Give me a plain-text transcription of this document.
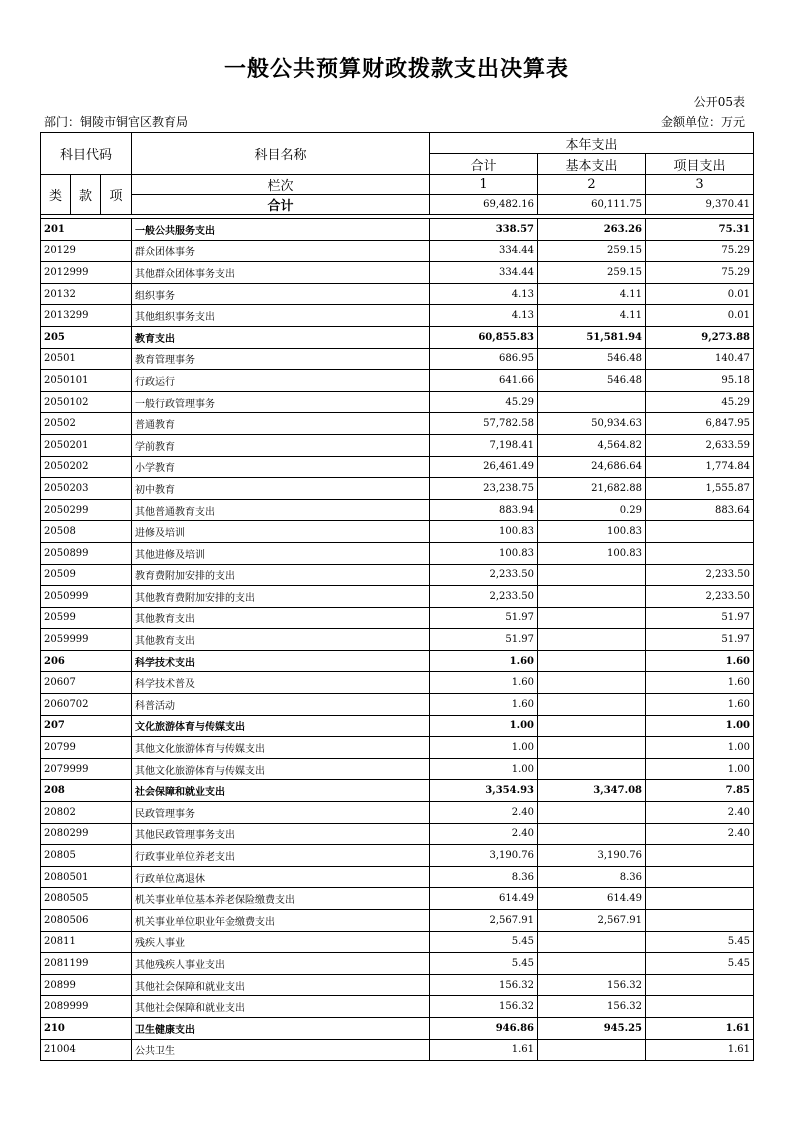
一般公共预算财政拨款支出决算表
公开05表
部门：铜陵市铜官区教育局	金额单位：万元
科目代码			科目名称	本年支出		
				合计	基本支出	项目支出
类	款	项	栏次	1	2	3
			合计	69,482.16	60,111.75	9,370.41

201			一般公共服务支出	338.57	263.26	75.31
20129			群众团体事务	334.44	259.15	75.29
2012999			其他群众团体事务支出	334.44	259.15	75.29
20132			组织事务	4.13	4.11	0.01
2013299			其他组织事务支出	4.13	4.11	0.01
205			教育支出	60,855.83	51,581.94	9,273.88
20501			教育管理事务	686.95	546.48	140.47
2050101			行政运行	641.66	546.48	95.18
2050102			一般行政管理事务	45.29		45.29
20502			普通教育	57,782.58	50,934.63	6,847.95
2050201			学前教育	7,198.41	4,564.82	2,633.59
2050202			小学教育	26,461.49	24,686.64	1,774.84
2050203			初中教育	23,238.75	21,682.88	1,555.87
2050299			其他普通教育支出	883.94	0.29	883.64
20508			进修及培训	100.83	100.83	
2050899			其他进修及培训	100.83	100.83	
20509			教育费附加安排的支出	2,233.50		2,233.50
2050999			其他教育费附加安排的支出	2,233.50		2,233.50
20599			其他教育支出	51.97		51.97
2059999			其他教育支出	51.97		51.97
206			科学技术支出	1.60		1.60
20607			科学技术普及	1.60		1.60
2060702			科普活动	1.60		1.60
207			文化旅游体育与传媒支出	1.00		1.00
20799			其他文化旅游体育与传媒支出	1.00		1.00
2079999			其他文化旅游体育与传媒支出	1.00		1.00
208			社会保障和就业支出	3,354.93	3,347.08	7.85
20802			民政管理事务	2.40		2.40
2080299			其他民政管理事务支出	2.40		2.40
20805			行政事业单位养老支出	3,190.76	3,190.76	
2080501			行政单位离退休	8.36	8.36	
2080505			机关事业单位基本养老保险缴费支出	614.49	614.49	
2080506			机关事业单位职业年金缴费支出	2,567.91	2,567.91	
20811			残疾人事业	5.45		5.45
2081199			其他残疾人事业支出	5.45		5.45
20899			其他社会保障和就业支出	156.32	156.32	
2089999			其他社会保障和就业支出	156.32	156.32	
210			卫生健康支出	946.86	945.25	1.61
21004			公共卫生	1.61		1.61
